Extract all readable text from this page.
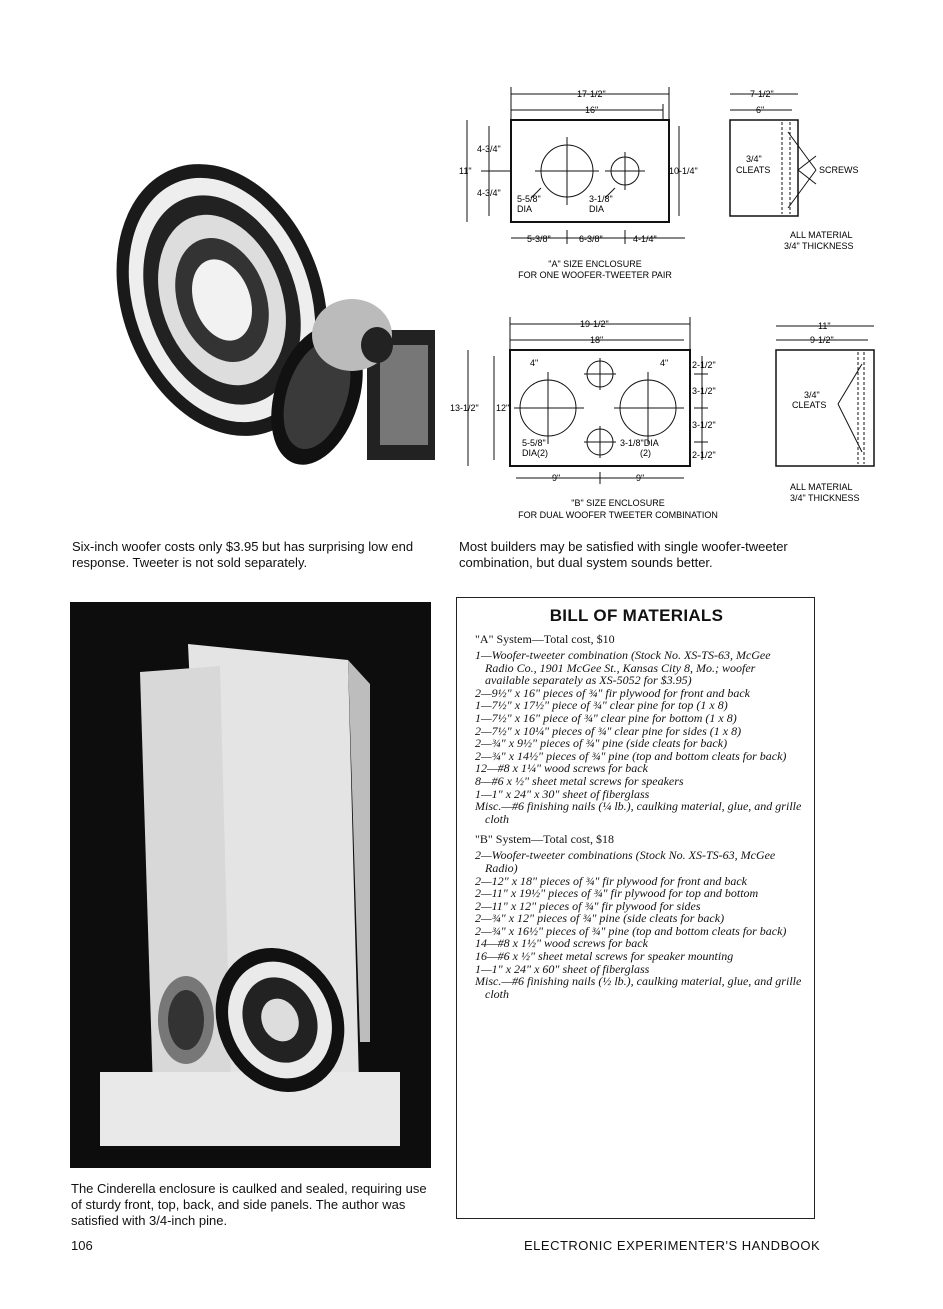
Six-inch woofer costs only $3.95 but has surprising low end response. Tweeter is not sold separately.
17-1/2"
16"
4-3/4"
4-3/4"
11"	10-1/4"
5-5/8"
DIA
3-1/8"
DIA
5-3/8"	6-3/8"	4-1/4"
"A" SIZE ENCLOSURE
FOR ONE WOOFER-TWEETER PAIR
7-1/2"
6"
3/4"
CLEATS	SCREWS
ALL MATERIAL
3/4" THICKNESS
19-1/2"
18"
13-1/2" 12"
4"	4"	2-1/2"
3-1/2"
3-1/2"
2-1/2"
5-5/8"
DIA(2)
3-1/8"DIA
(2)
9"	9"
"B" SIZE ENCLOSURE
FOR DUAL WOOFER TWEETER COMBINATION
11"
9-1/2"
3/4"
CLEATS
ALL MATERIAL
3/4" THICKNESS
Most builders may be satisfied with single woofer-tweeter combination, but dual system sounds better.
The Cinderella enclosure is caulked and sealed, requiring use of sturdy front, top, back, and side panels. The author was satisfied with 3/4-inch pine.
BILL OF MATERIALS
"A" System—Total cost, $10
1—Woofer-tweeter combination (Stock No. XS-TS-63, McGee Radio Co., 1901 McGee St., Kansas City 8, Mo.; woofer available separately as XS-5052 for $3.95)
2—9½" x 16" pieces of ¾" fir plywood for front and back
1—7½" x 17½" piece of ¾" clear pine for top (1 x 8)
1—7½" x 16" piece of ¾" clear pine for bottom (1 x 8)
2—7½" x 10¼" pieces of ¾" clear pine for sides (1 x 8)
2—¾" x 9½" pieces of ¾" pine (side cleats for back)
2—¾" x 14½" pieces of ¾" pine (top and bottom cleats for back)
12—#8 x 1¼" wood screws for back
8—#6 x ½" sheet metal screws for speakers
1—1" x 24" x 30" sheet of fiberglass
Misc.—#6 finishing nails (¼ lb.), caulking material, glue, and grille cloth
"B" System—Total cost, $18
2—Woofer-tweeter combinations (Stock No. XS-TS-63, McGee Radio)
2—12" x 18" pieces of ¾" fir plywood for front and back
2—11" x 19½" pieces of ¾" fir plywood for top and bottom
2—11" x 12" pieces of ¾" fir plywood for sides
2—¾" x 12" pieces of ¾" pine (side cleats for back)
2—¾" x 16½" pieces of ¾" pine (top and bottom cleats for back)
14—#8 x 1½" wood screws for back
16—#6 x ½" sheet metal screws for speaker mounting
1—1" x 24" x 60" sheet of fiberglass
Misc.—#6 finishing nails (½ lb.), caulking material, glue, and grille cloth
106	ELECTRONIC EXPERIMENTER'S HANDBOOK
